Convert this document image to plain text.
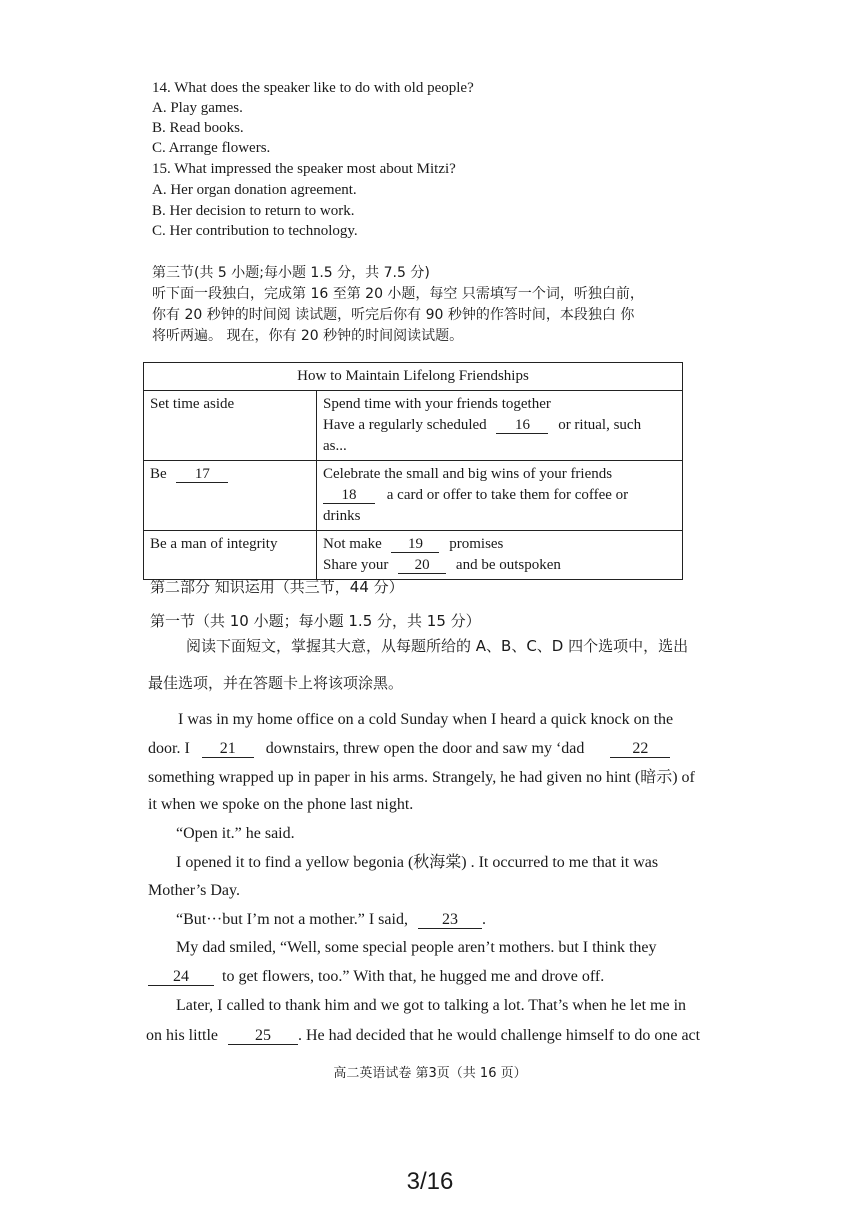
14. What does the speaker like to do with old people?
A. Play games.
B. Read books.
C. Arrange flowers.
15. What impressed the speaker most about Mitzi?
A. Her organ donation agreement.
B. Her decision to return to work.
C. Her contribution to technology.
第三节(共 5 小题;每小题 1.5 分，共 7.5 分)
听下面一段独白，完成第 16 至第 20 小题，每空 只需填写一个词，听独白前，
你有 20 秒钟的时间阅 读试题，听完后你有 90 秒钟的作答时间，本段独白 你
将听两遍。 现在，你有 20 秒钟的时间阅读试题。
How to Maintain Lifelong Friendships	
Set time aside	Spend time with your friends together
Have a regularly scheduled 16 or ritual, such
as...

Be 17	Celebrate the small and big wins of your friends
18 a card or offer to take them for coffee or
drinks

Be a man of integrity	Not make 19 promises
Share your 20 and be outspoken
第二部分 知识运用（共三节，44 分）
第一节（共 10 小题；每小题 1.5 分，共 15 分）
阅读下面短文，掌握其大意，从每题所给的 A、B、C、D 四个选项中，选出
最佳选项，并在答题卡上将该项涂黑。
I was in my home office on a cold Sunday when I heard a quick knock on the
door. I 21 downstairs, threw open the door and saw my ‘dad	22
something wrapped up in paper in his arms. Strangely, he had given no hint (暗示) of
it when we spoke on the phone last night.
“Open it.” he said.
I opened it to find a yellow begonia (秋海棠) . It occurred to me that it was
Mother’s Day.
“But···but I’m not a mother.” I said, 23 .
My dad smiled, “Well, some special people aren’t mothers. but I think they
24 to get flowers, too.” With that, he hugged me and drove off.
Later, I called to thank him and we got to talking a lot. That’s when he let me in
on his little 25 . He had decided that he would challenge himself to do one act
高二英语试卷 第3页（共 16 页）
3/16
